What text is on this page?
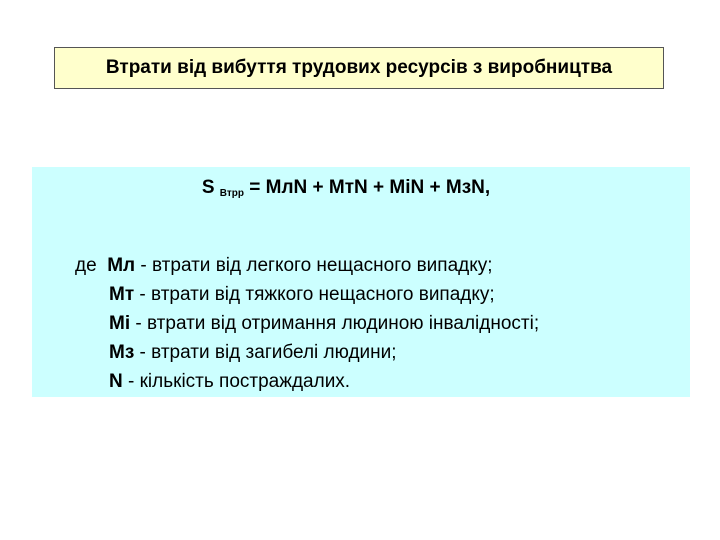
Втрати від вибуття трудових ресурсів з виробництва
S $_{Втрр}$ = МлN + МтN + МіN + МзN,
де Мл - втрати від легкого нещасного випадку;
Мт - втрати від тяжкого нещасного випадку;
Мі - втрати від отримання людиною інвалідності;
Мз - втрати від загибелі людини;
N - кількість постраждалих.
